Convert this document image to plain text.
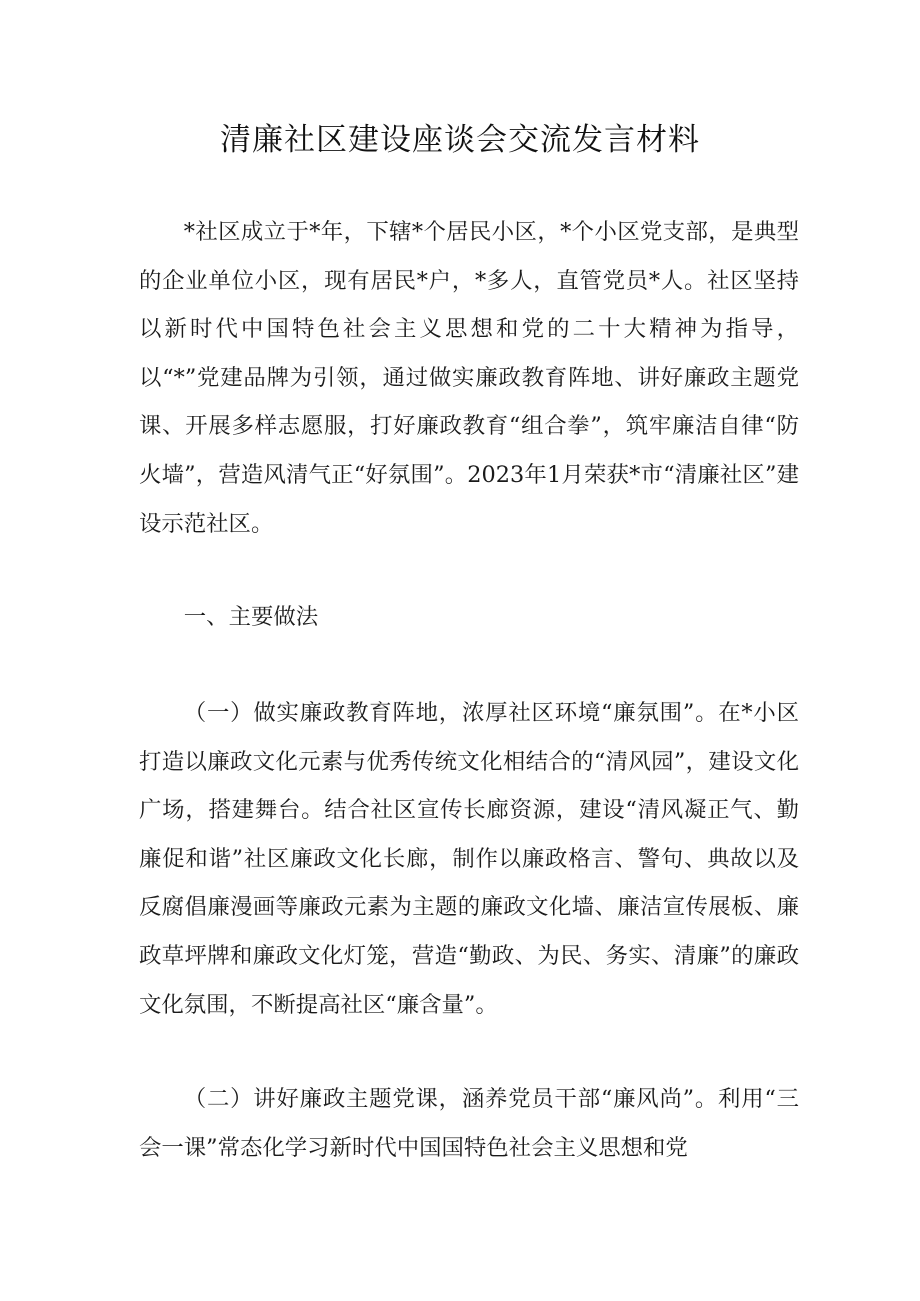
清廉社区建设座谈会交流发言材料

*社区成立于*年，下辖*个居民小区，*个小区党支部，是典型的企业单位小区，现有居民*户，*多人，直管党员*人。社区坚持以新时代中国特色社会主义思想和党的二十大精神为指导，以“*”党建品牌为引领，通过做实廉政教育阵地、讲好廉政主题党课、开展多样志愿服，打好廉政教育“组合拳”，筑牢廉洁自律“防火墙”，营造风清气正“好氛围”。2023年1月荣获*市“清廉社区”建设示范社区。

一、主要做法

（一）做实廉政教育阵地，浓厚社区环境“廉氛围”。在*小区打造以廉政文化元素与优秀传统文化相结合的“清风园”，建设文化广场，搭建舞台。结合社区宣传长廊资源，建设“清风凝正气、勤廉促和谐”社区廉政文化长廊，制作以廉政格言、警句、典故以及反腐倡廉漫画等廉政元素为主题的廉政文化墙、廉洁宣传展板、廉政草坪牌和廉政文化灯笼，营造“勤政、为民、务实、清廉”的廉政文化氛围，不断提高社区“廉含量”。

（二）讲好廉政主题党课，涵养党员干部“廉风尚”。利用“三会一课”常态化学习新时代中国国特色社会主义思想和党
